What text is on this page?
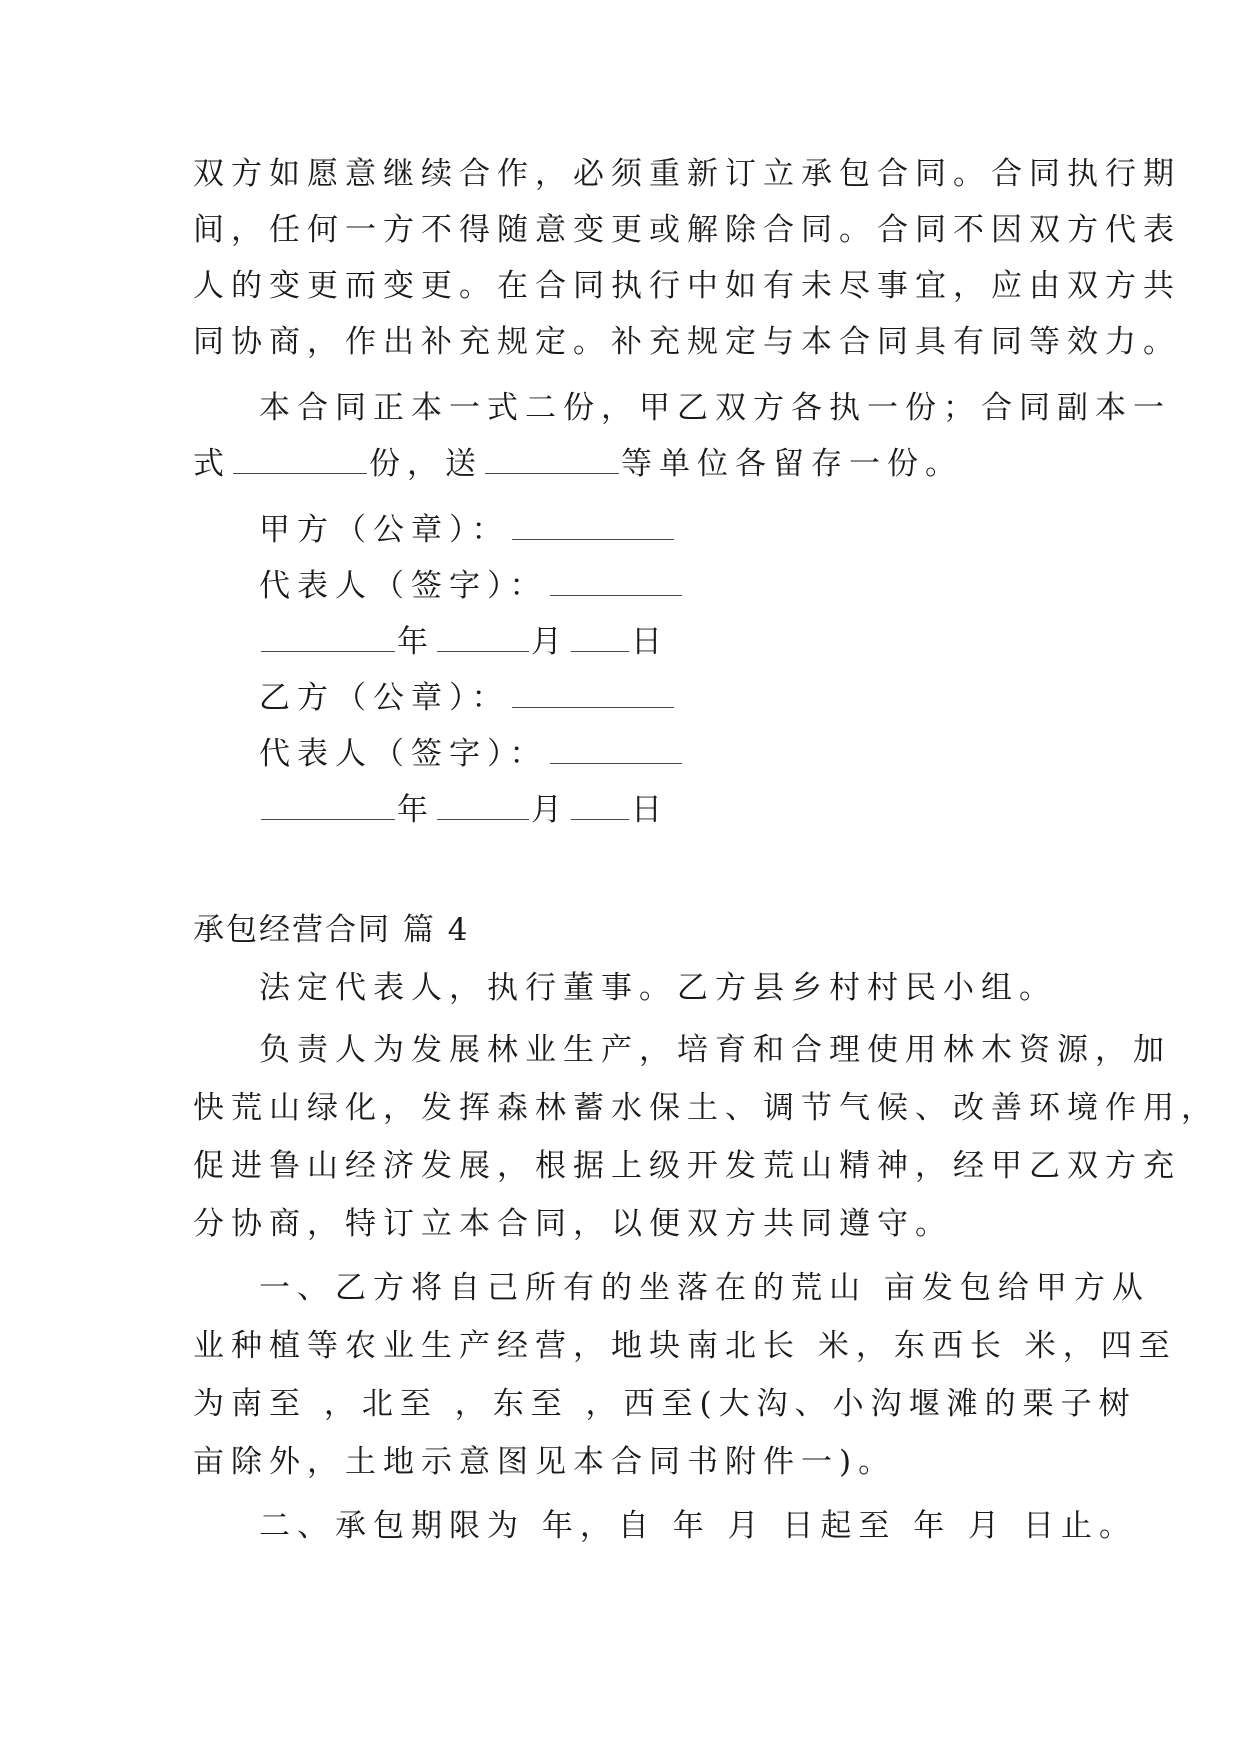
双方如愿意继续合作，必须重新订立承包合同。合同执行期
间，任何一方不得随意变更或解除合同。合同不因双方代表
人的变更而变更。在合同执行中如有未尽事宜，应由双方共
同协商，作出补充规定。补充规定与本合同具有同等效力。
本合同正本一式二份，甲乙双方各执一份；合同副本一
式	份，送	等单位各留存一份。
甲方（公章）：
代表人（签字）：
年	月 日
乙方（公章）：
代表人（签字）：
年	月 日
承包经营合同 篇 4
法定代表人，执行董事。乙方县乡村村民小组。
负责人为发展林业生产，培育和合理使用林木资源，加
快荒山绿化，发挥森林蓄水保土、调节气候、改善环境作用，
促进鲁山经济发展，根据上级开发荒山精神，经甲乙双方充
分协商，特订立本合同，以便双方共同遵守。
一、乙方将自己所有的坐落在的荒山 亩发包给甲方从
业种植等农业生产经营，地块南北长 米，东西长 米，四至
为南至 ，北至 ，东至 ，西至(大沟、小沟堰滩的栗子树
亩除外，土地示意图见本合同书附件一)。
二、承包期限为 年，自 年 月 日起至 年 月 日止。
